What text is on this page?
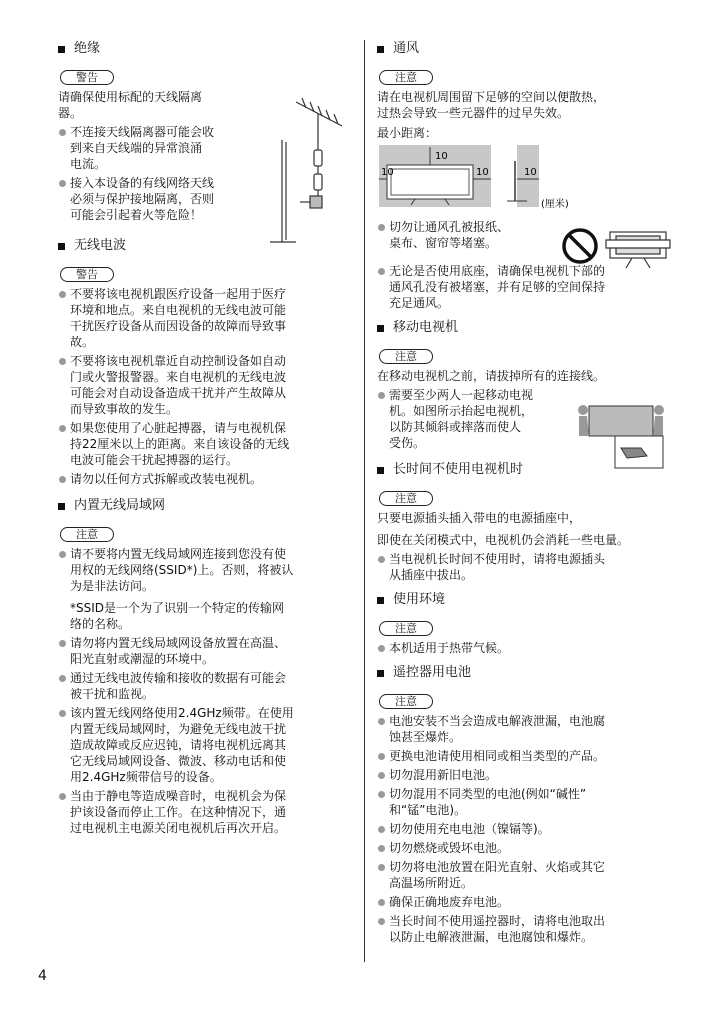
绝缘
警告

请确保使用标配的天线隔离
器。

不连接天线隔离器可能会收
到来自天线端的异常浪涌
电流。
接入本设备的有线网络天线
必须与保护接地隔离，否则
可能会引起着火等危险！
无线电波
警告
不要将该电视机跟医疗设备一起用于医疗
环境和地点。来自电视机的无线电波可能
干扰医疗设备从而因设备的故障而导致事
故。
不要将该电视机靠近自动控制设备如自动
门或火警报警器。来自电视机的无线电波
可能会对自动设备造成干扰并产生故障从
而导致事故的发生。
如果您使用了心脏起搏器，请与电视机保
持22厘米以上的距离。来自该设备的无线
电波可能会干扰起搏器的运行。
请勿以任何方式拆解或改装电视机。
内置无线局域网
注意
请不要将内置无线局域网连接到您没有使
用权的无线网络(SSID*)上。否则，将被认
为是非法访问。
*SSID是一个为了识别一个特定的传输网
络的名称。
请勿将内置无线局域网设备放置在高温、
阳光直射或潮湿的环境中。
通过无线电波传输和接收的数据有可能会
被干扰和监视。
该内置无线网络使用2.4GHz频带。在使用
内置无线局域网时，为避免无线电波干扰
造成故障或反应迟钝，请将电视机远离其
它无线局域网设备、微波、移动电话和使
用2.4GHz频带信号的设备。
当由于静电等造成噪音时，电视机会为保
护该设备而停止工作。在这种情况下，通
过电视机主电源关闭电视机后再次开启。
通风
注意

请在电视机周围留下足够的空间以便散热，
过热会导致一些元器件的过早失效。

最小距离：

10
10	10	10
(厘米)
切勿让通风孔被报纸、
桌布、窗帘等堵塞。
无论是否使用底座，请确保电视机下部的
通风孔没有被堵塞，并有足够的空间保持
充足通风。
移动电视机
注意

在移动电视机之前，请拔掉所有的连接线。

需要至少两人一起移动电视
机。如图所示抬起电视机，
以防其倾斜或摔落而使人
受伤。
长时间不使用电视机时
注意

只要电源插头插入带电的电源插座中，

即使在关闭模式中，电视机仍会消耗一些电量。

当电视机长时间不使用时，请将电源插头
从插座中拔出。
使用环境
注意
本机适用于热带气候。
遥控器用电池
注意
电池安装不当会造成电解液泄漏，电池腐
蚀甚至爆炸。
更换电池请使用相同或相当类型的产品。
切勿混用新旧电池。
切勿混用不同类型的电池(例如“碱性”
和“锰”电池)。
切勿使用充电电池（镍镉等)。
切勿燃烧或毁坏电池。
切勿将电池放置在阳光直射、火焰或其它
高温场所附近。
确保正确地废弃电池。
当长时间不使用遥控器时，请将电池取出
以防止电解液泄漏，电池腐蚀和爆炸。
4
